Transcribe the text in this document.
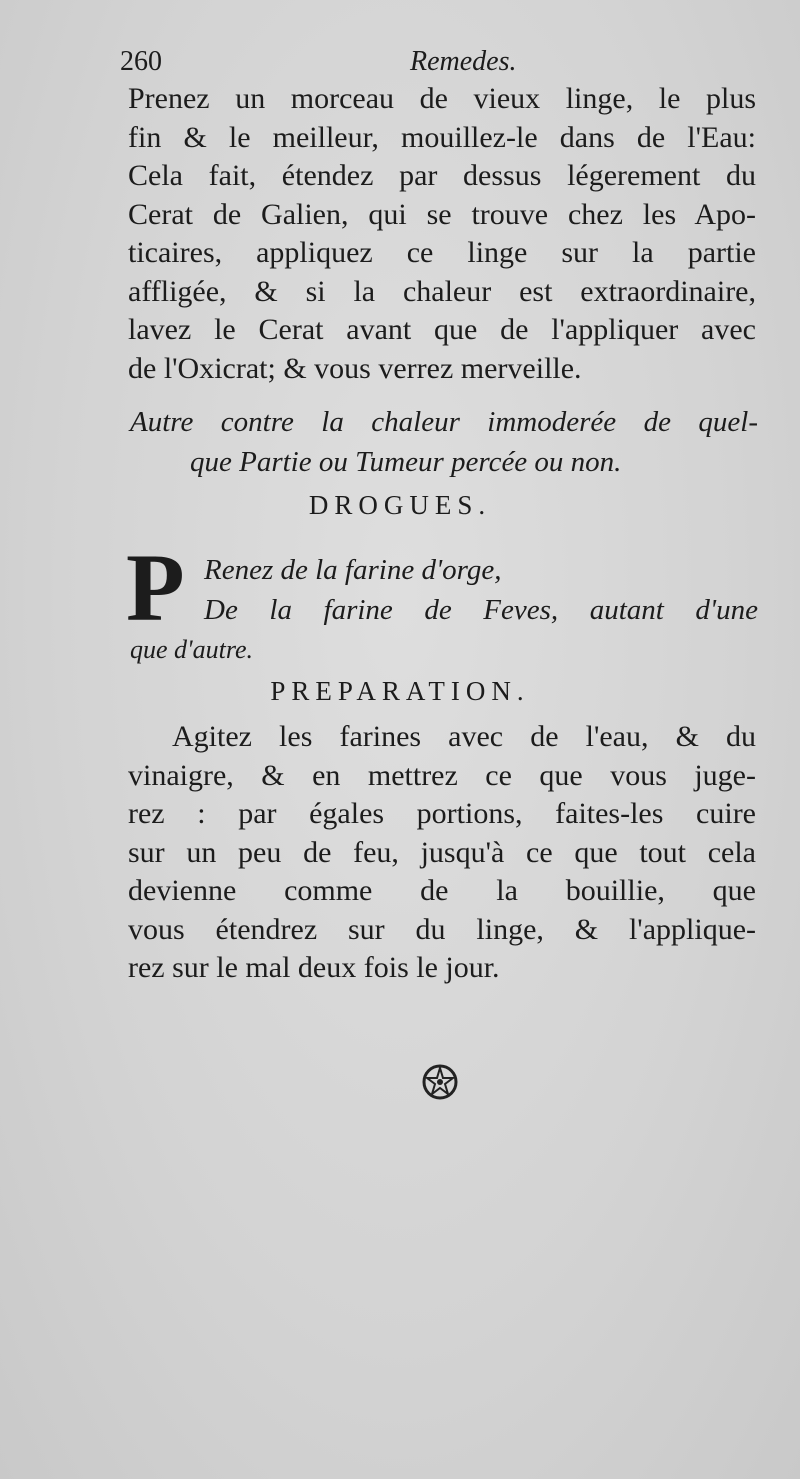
260	Remedes.
Prenez un morceau de vieux linge, le plus
fin & le meilleur, mouillez-le dans de l'Eau:
Cela fait, étendez par dessus légerement du
Cerat de Galien, qui se trouve chez les Apo-
ticaires, appliquez ce linge sur la partie
affligée, & si la chaleur est extraordinaire,
lavez le Cerat avant que de l'appliquer avec
de l'Oxicrat; & vous verrez merveille.
Autre contre la chaleur immoderée de quel-
que Partie ou Tumeur percée ou non.
DROGUES.
P Renez de la farine d'orge,
De la farine de Feves, autant d'une
que d'autre.
PREPARATION.
Agitez les farines avec de l'eau, & du
vinaigre, & en mettrez ce que vous juge-
rez : par égales portions, faites-les cuire
sur un peu de feu, jusqu'à ce que tout cela
devienne comme de la bouillie, que
vous étendrez sur du linge, & l'applique-
rez sur le mal deux fois le jour.
